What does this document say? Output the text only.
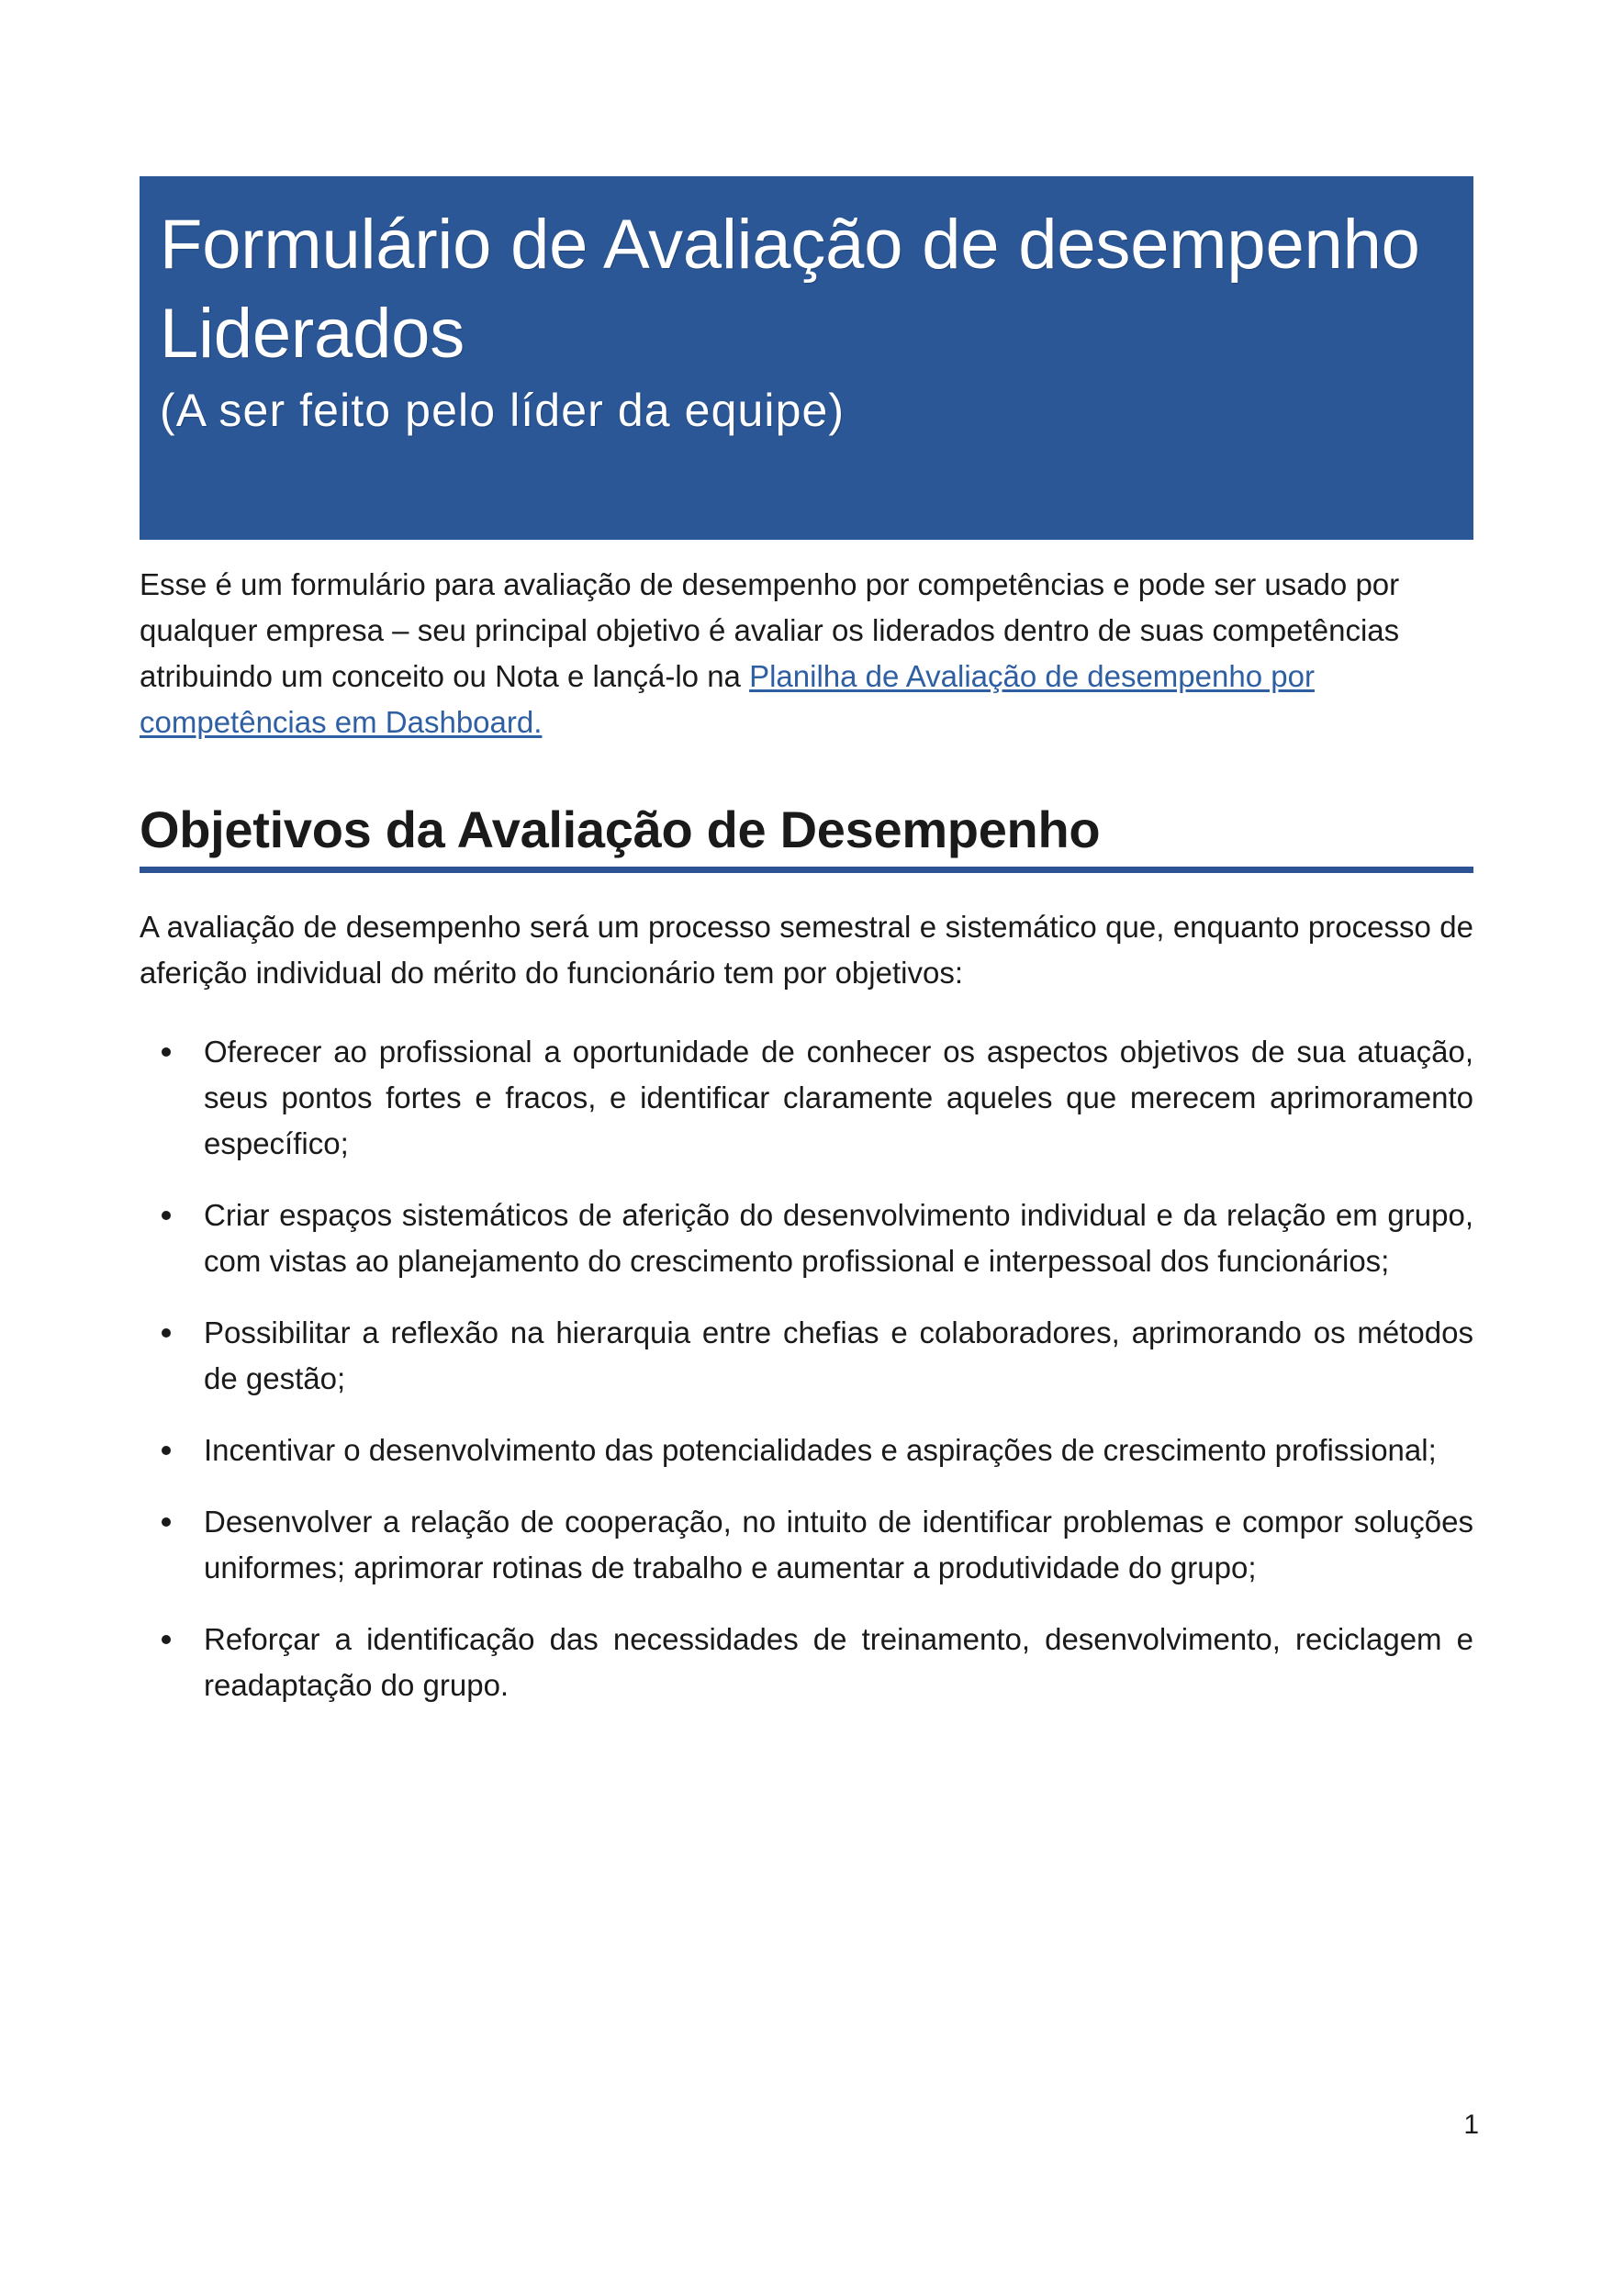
Formulário de Avaliação de desempenho Liderados
(A ser feito pelo líder da equipe)

Esse é um formulário para avaliação de desempenho por competências e pode ser usado por qualquer empresa – seu principal objetivo é avaliar os liderados dentro de suas competências atribuindo um conceito ou Nota e lançá-lo na Planilha de Avaliação de desempenho por competências em Dashboard.

Objetivos da Avaliação de Desempenho

A avaliação de desempenho será um processo semestral e sistemático que, enquanto processo de aferição individual do mérito do funcionário tem por objetivos:

Oferecer ao profissional a oportunidade de conhecer os aspectos objetivos de sua atuação, seus pontos fortes e fracos, e identificar claramente aqueles que merecem aprimoramento específico;
Criar espaços sistemáticos de aferição do desenvolvimento individual e da relação em grupo, com vistas ao planejamento do crescimento profissional e interpessoal dos funcionários;
Possibilitar a reflexão na hierarquia entre chefias e colaboradores, aprimorando os métodos de gestão;
Incentivar o desenvolvimento das potencialidades e aspirações de crescimento profissional;
Desenvolver a relação de cooperação, no intuito de identificar problemas e compor soluções uniformes; aprimorar rotinas de trabalho e aumentar a produtividade do grupo;
Reforçar a identificação das necessidades de treinamento, desenvolvimento, reciclagem e readaptação do grupo.
1
